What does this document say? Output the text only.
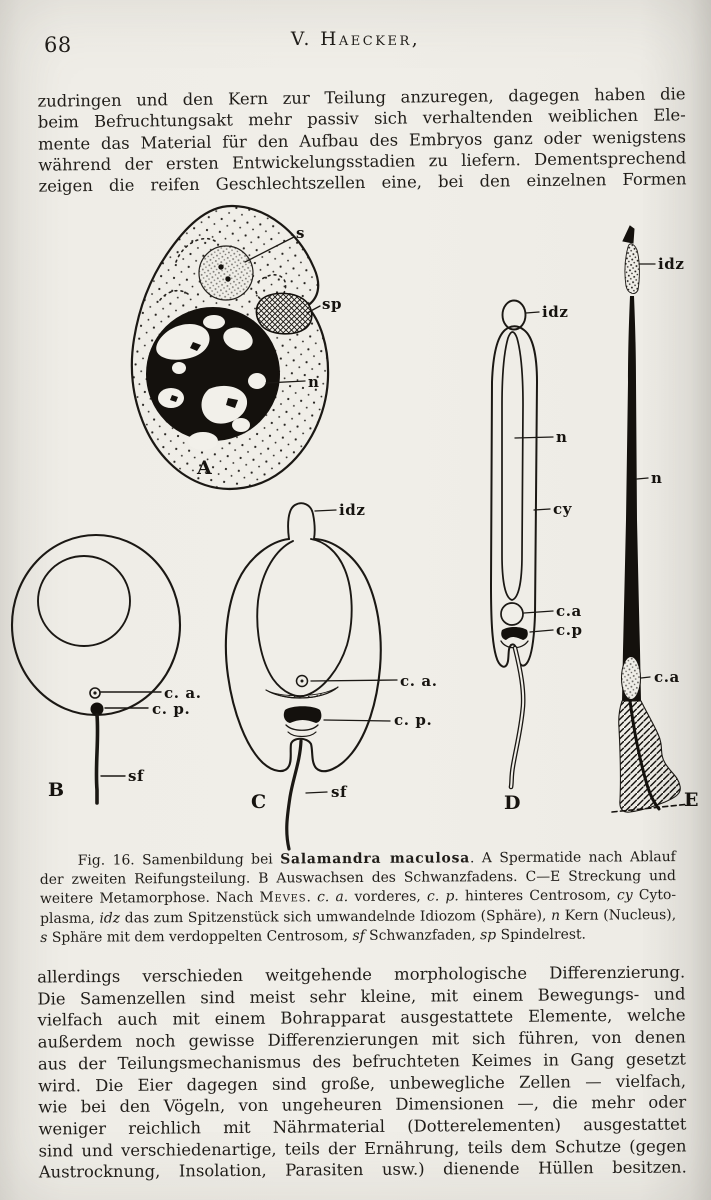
68	V. Haecker,
zudringen und den Kern zur Teilung anzuregen, dagegen haben die
beim Befruchtungsakt mehr passiv sich verhaltenden weiblichen Ele-
mente das Material für den Aufbau des Embryos ganz oder wenigstens
während der ersten Entwickelungsstadien zu liefern. Dementsprechend
zeigen die reifen Geschlechtszellen eine, bei den einzelnen Formen
s
sp
n
A
c. a.
c. p.
sf
B
idz
c. a.
c. p.
sf
C
idz
n
cy
c.a
c.p
D
idz
n
c.a
E
Fig. 16. Samenbildung bei Salamandra maculosa. A Spermatide nach Ablauf
der zweiten Reifungsteilung. B Auswachsen des Schwanzfadens. C—E Streckung und
weitere Metamorphose. Nach Meves. c. a. vorderes, c. p. hinteres Centrosom, cy Cyto-
plasma, idz das zum Spitzenstück sich umwandelnde Idiozom (Sphäre), n Kern (Nucleus),
s Sphäre mit dem verdoppelten Centrosom, sf Schwanzfaden, sp Spindelrest.
allerdings verschieden weitgehende morphologische Differenzierung.
Die Samenzellen sind meist sehr kleine, mit einem Bewegungs- und
vielfach auch mit einem Bohrapparat ausgestattete Elemente, welche
außerdem noch gewisse Differenzierungen mit sich führen, von denen
aus der Teilungsmechanismus des befruchteten Keimes in Gang gesetzt
wird. Die Eier dagegen sind große, unbewegliche Zellen — vielfach,
wie bei den Vögeln, von ungeheuren Dimensionen —, die mehr oder
weniger reichlich mit Nährmaterial (Dotterelementen) ausgestattet
sind und verschiedenartige, teils der Ernährung, teils dem Schutze (gegen
Austrocknung, Insolation, Parasiten usw.) dienende Hüllen besitzen.
